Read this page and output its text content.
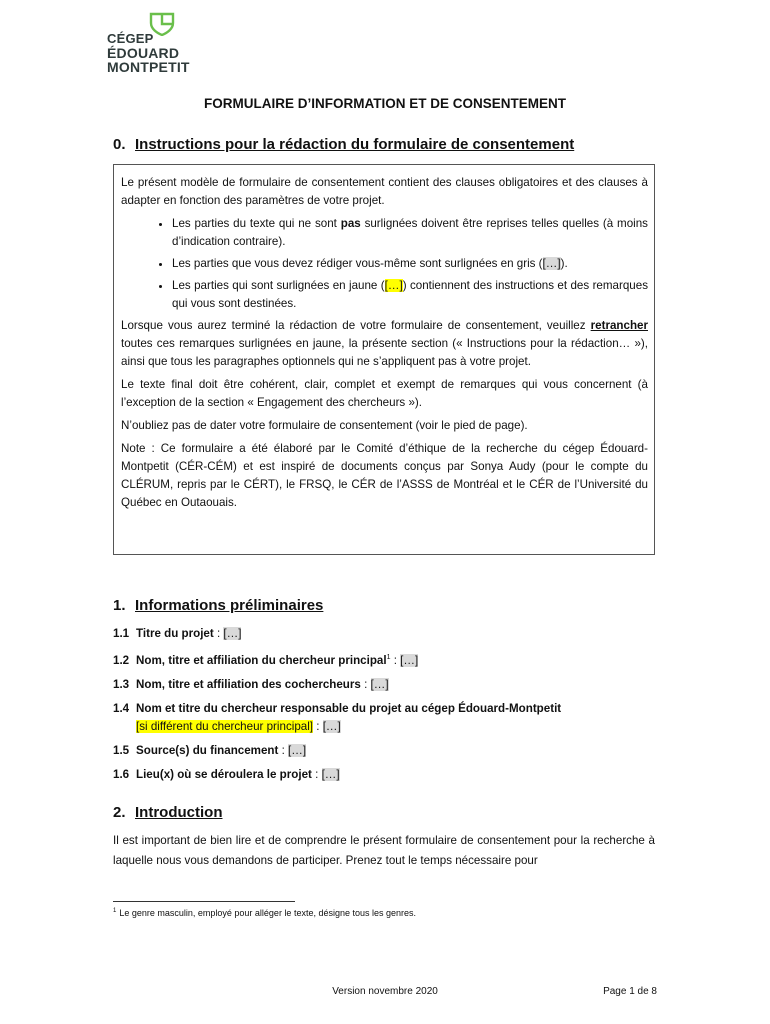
CÉGEP
ÉDOUARD
MONTPETIT
FORMULAIRE D’INFORMATION ET DE CONSENTEMENT
0. Instructions pour la rédaction du formulaire de consentement

Le présent modèle de formulaire de consentement contient des clauses obligatoires et des clauses à adapter en fonction des paramètres de votre projet.

• Les parties du texte qui ne sont pas surlignées doivent être reprises telles quelles (à moins d’indication contraire).
• Les parties que vous devez rédiger vous-même sont surlignées en gris ([…]).
• Les parties qui sont surlignées en jaune ([…]) contiennent des instructions et des remarques qui vous sont destinées.

Lorsque vous aurez terminé la rédaction de votre formulaire de consentement, veuillez retrancher toutes ces remarques surlignées en jaune, la présente section (« Instructions pour la rédaction… »), ainsi que tous les paragraphes optionnels qui ne s’appliquent pas à votre projet.

Le texte final doit être cohérent, clair, complet et exempt de remarques qui vous concernent (à l’exception de la section « Engagement des chercheurs »).

N’oubliez pas de dater votre formulaire de consentement (voir le pied de page).

Note : Ce formulaire a été élaboré par le Comité d’éthique de la recherche du cégep Édouard-Montpetit (CÉR-CÉM) et est inspiré de documents conçus par Sonya Audy (pour le compte du CLÉRUM, repris par le CÉRT), le FRSQ, le CÉR de l’ASSS de Montréal et le CÉR de l’Université du Québec en Outaouais.

1. Informations préliminaires
1.1 Titre du projet : […]
1.2 Nom, titre et affiliation du chercheur principal$^1$ : […]
1.3 Nom, titre et affiliation des cochercheurs : […]
1.4 Nom et titre du chercheur responsable du projet au cégep Édouard-Montpetit
[si différent du chercheur principal] : […]
1.5 Source(s) du financement : […]
1.6 Lieu(x) où se déroulera le projet : […]
2. Introduction

Il est important de bien lire et de comprendre le présent formulaire de consentement pour la recherche à laquelle nous vous demandons de participer. Prenez tout le temps nécessaire pour

$^1$ Le genre masculin, employé pour alléger le texte, désigne tous les genres.
Version novembre 2020	Page 1 de 8
